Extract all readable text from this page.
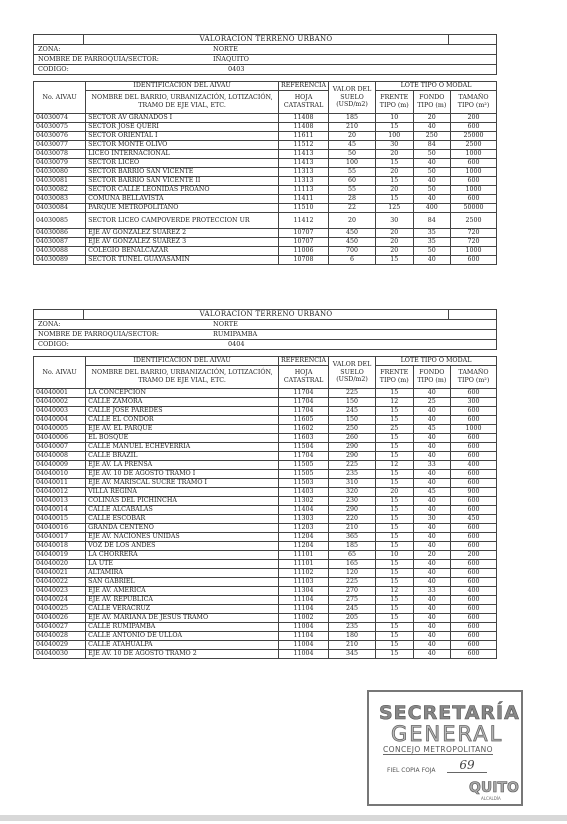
	VALORACIÓN TERRENO URBANO	
ZONA:	NORTE
NOMBRE DE PARROQUIA/SECTOR:	IÑAQUITO
CODIGO:	0403
No. AIVAU	IDENTIFICACIÓN DEL AIVAU	REFERENCIA	VALOR DEL SUELO (USD/m2)	LOTE TIPO O MODAL		
	NOMBRE DEL BARRIO, URBANIZACIÓN, LOTIZACIÓN, TRAMO DE EJE VIAL, ETC.	HOJA CATASTRAL		FRENTE TIPO (m)	FONDO TIPO (m)	TAMAÑO TIPO (m²)
04030074	SECTOR AV GRANADOS I	11408	185	10	20	200
04030075	SECTOR JOSE QUERI	11408	210	15	40	600
04030076	SECTOR ORIENTAL I	11611	20	100	250	25000
04030077	SECTOR MONTE OLIVO	11512	45	30	84	2500
04030078	LICEO INTERNACIONAL	11413	50	20	50	1000
04030079	SECTOR LICEO	11413	100	15	40	600
04030080	SECTOR BARRIO SAN VICENTE	11313	55	20	50	1000
04030081	SECTOR BARRIO SAN VICENTE II	11313	60	15	40	600
04030082	SECTOR CALLE LEONIDAS PROAÑO	11113	55	20	50	1000
04030083	COMUNA BELLAVISTA	11411	28	15	40	600
04030084	PARQUE METROPOLITANO	11510	22	125	400	50000
04030085	SECTOR LICEO CAMPOVERDE PROTECCION UR	11412	20	30	84	2500
04030086	EJE AV GONZALEZ SUAREZ 2	10707	450	20	35	720
04030087	EJE AV GONZALEZ SUAREZ 3	10707	450	20	35	720
04030088	COLEGIO BENALCAZAR	11006	700	20	50	1000
04030089	SECTOR TUNEL GUAYASAMIN	10708	6	15	40	600
	VALORACIÓN TERRENO URBANO	
ZONA:	NORTE
NOMBRE DE PARROQUIA/SECTOR:	RUMIPAMBA
CODIGO:	0404
No. AIVAU	IDENTIFICACIÓN DEL AIVAU	REFERENCIA	VALOR DEL SUELO (USD/m2)	LOTE TIPO O MODAL		
	NOMBRE DEL BARRIO, URBANIZACIÓN, LOTIZACIÓN, TRAMO DE EJE VIAL, ETC.	HOJA CATASTRAL		FRENTE TIPO (m)	FONDO TIPO (m)	TAMAÑO TIPO (m²)
04040001	LA CONCEPCION	11704	225	15	40	600
04040002	CALLE ZAMORA	11704	150	12	25	300
04040003	CALLE JOSE PAREDES	11704	245	15	40	600
04040004	CALLE EL CONDOR	11605	150	15	40	600
04040005	EJE AV. EL PARQUE	11602	250	25	45	1000
04040006	EL BOSQUE	11603	260	15	40	600
04040007	CALLE MANUEL ECHEVERRIA	11504	290	15	40	600
04040008	CALLE BRAZIL	11704	290	15	40	600
04040009	EJE AV. LA PRENSA	11505	225	12	33	400
04040010	EJE AV. 10 DE AGOSTO TRAMO I	11505	235	15	40	600
04040011	EJE AV. MARISCAL SUCRE TRAMO I	11503	310	15	40	600
04040012	VILLA REGINA	11403	320	20	45	900
04040013	COLINAS DEL PICHINCHA	11302	230	15	40	600
04040014	CALLE ALCABALAS	11404	290	15	40	600
04040015	CALLE ESCOBAR	11303	220	15	30	450
04040016	GRANDA CENTENO	11203	210	15	40	600
04040017	EJE AV. NACIONES UNIDAS	11204	365	15	40	600
04040018	VOZ DE LOS ANDES	11204	185	15	40	600
04040019	LA CHORRERA	11101	65	10	20	200
04040020	LA UTE	11101	165	15	40	600
04040021	ALTAMIRA	11102	120	15	40	600
04040022	SAN GABRIEL	11103	225	15	40	600
04040023	EJE AV. AMERICA	11304	270	12	33	400
04040024	EJE AV. REPUBLICA	11104	275	15	40	600
04040025	CALLE VERACRUZ	11104	245	15	40	600
04040026	EJE AV. MARIANA DE JESUS TRAMO	11002	205	15	40	600
04040027	CALLE RUMIPAMBA	11004	235	15	40	600
04040028	CALLE ANTONIO DE ULLOA	11104	180	15	40	600
04040029	CALLE ATAHUALPA	11004	210	15	40	600
04040030	EJE AV. 10 DE AGOSTO TRAMO 2	11004	345	15	40	600
SECRETARÍA
GENERAL
CONCEJO METROPOLITANO
FIEL COPIA FOJA	69
QUITO
ALCALDÍA
